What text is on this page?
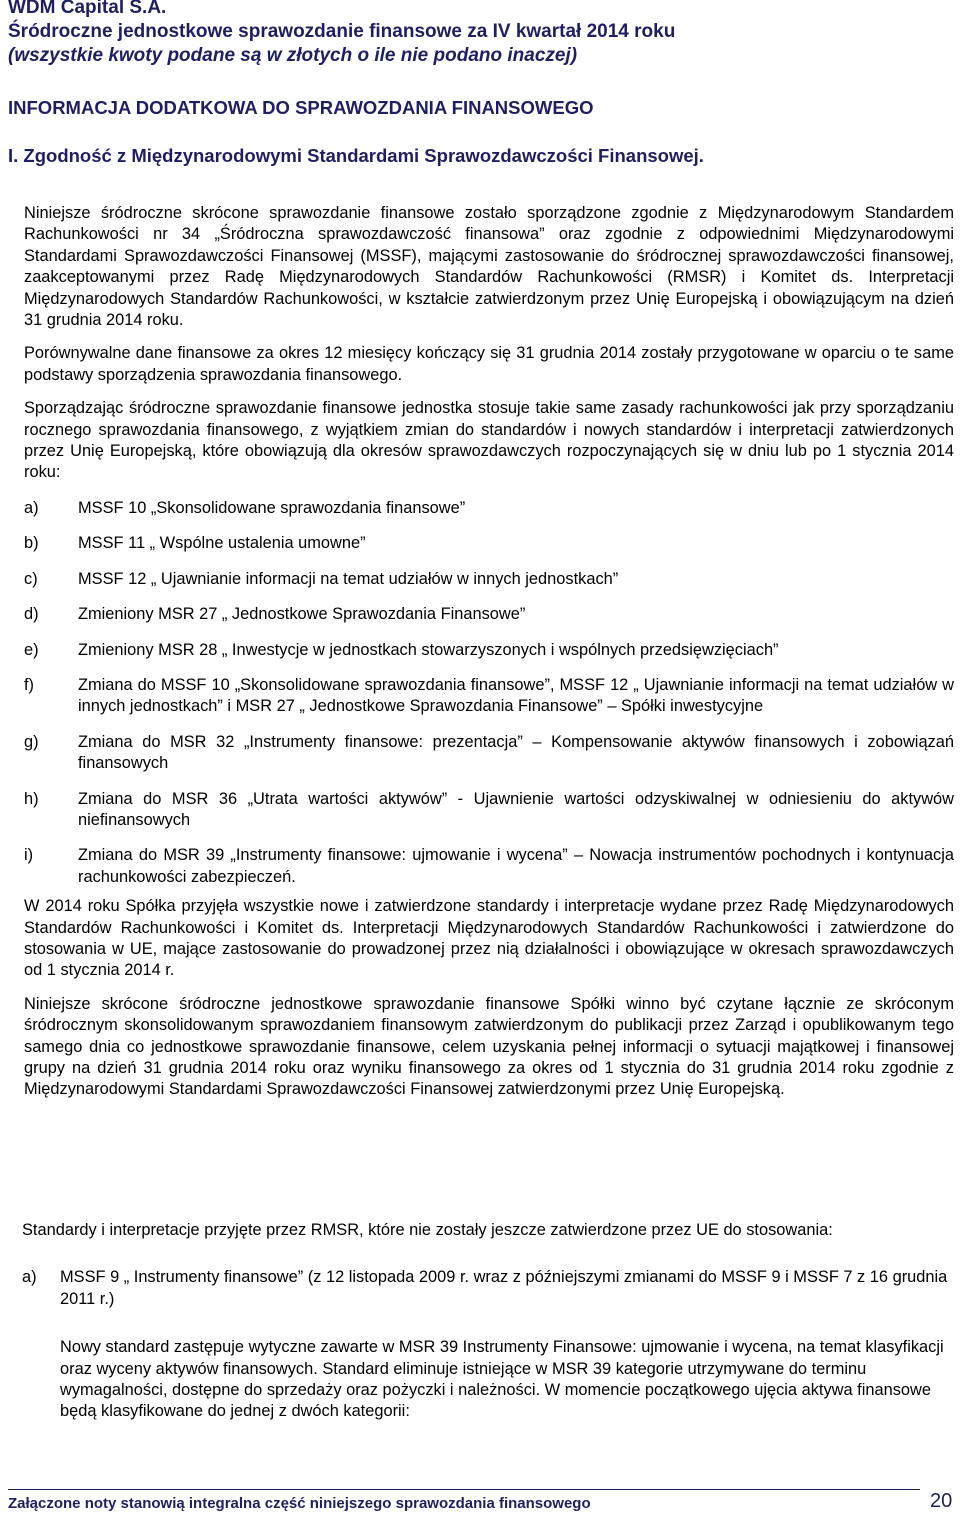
WDM Capital S.A.
Śródroczne jednostkowe sprawozdanie finansowe za IV kwartał 2014 roku
(wszystkie kwoty podane są w złotych o ile nie podano inaczej)
INFORMACJA DODATKOWA DO SPRAWOZDANIA FINANSOWEGO
I. Zgodność z Międzynarodowymi Standardami Sprawozdawczości Finansowej.

Niniejsze śródroczne skrócone sprawozdanie finansowe zostało sporządzone zgodnie z Międzynarodowym Standardem Rachunkowości nr 34 „Śródroczna sprawozdawczość finansowa” oraz zgodnie z odpowiednimi Międzynarodowymi Standardami Sprawozdawczości Finansowej (MSSF), mającymi zastosowanie do śródrocznej sprawozdawczości finansowej, zaakceptowanymi przez Radę Międzynarodowych Standardów Rachunkowości (RMSR) i Komitet ds. Interpretacji Międzynarodowych Standardów Rachunkowości, w kształcie zatwierdzonym przez Unię Europejską i obowiązującym na dzień 31 grudnia 2014 roku.

Porównywalne dane finansowe za okres 12 miesięcy kończący się 31 grudnia 2014 zostały przygotowane w oparciu o te same podstawy sporządzenia sprawozdania finansowego.

Sporządzając śródroczne sprawozdanie finansowe jednostka stosuje takie same zasady rachunkowości jak przy sporządzaniu rocznego sprawozdania finansowego, z wyjątkiem zmian do standardów i nowych standardów i interpretacji zatwierdzonych przez Unię Europejską, które obowiązują dla okresów sprawozdawczych rozpoczynających się w dniu lub po 1 stycznia 2014 roku:

a)	MSSF 10 „Skonsolidowane sprawozdania finansowe”
b)	MSSF 11 „ Wspólne ustalenia umowne”
c)	MSSF 12 „ Ujawnianie informacji na temat udziałów w innych jednostkach”
d)	Zmieniony MSR 27 „ Jednostkowe Sprawozdania Finansowe”
e)	Zmieniony MSR 28 „ Inwestycje w jednostkach stowarzyszonych i wspólnych przedsięwzięciach”
f)	Zmiana do MSSF 10 „Skonsolidowane sprawozdania finansowe”, MSSF 12 „ Ujawnianie informacji na temat udziałów w innych jednostkach” i MSR 27 „ Jednostkowe Sprawozdania Finansowe” – Spółki inwestycyjne
g)	Zmiana do MSR 32 „Instrumenty finansowe: prezentacja” – Kompensowanie aktywów finansowych i zobowiązań finansowych
h)	Zmiana do MSR 36 „Utrata wartości aktywów” - Ujawnienie wartości odzyskiwalnej w odniesieniu do aktywów niefinansowych
i)	Zmiana do MSR 39 „Instrumenty finansowe: ujmowanie i wycena” – Nowacja instrumentów pochodnych i kontynuacja rachunkowości zabezpieczeń.

W 2014 roku Spółka przyjęła wszystkie nowe i zatwierdzone standardy i interpretacje wydane przez Radę Międzynarodowych Standardów Rachunkowości i Komitet ds. Interpretacji Międzynarodowych Standardów Rachunkowości i zatwierdzone do stosowania w UE, mające zastosowanie do prowadzonej przez nią działalności i obowiązujące w okresach sprawozdawczych od 1 stycznia 2014 r.

Niniejsze skrócone śródroczne jednostkowe sprawozdanie finansowe Spółki winno być czytane łącznie ze skróconym śródrocznym skonsolidowanym sprawozdaniem finansowym zatwierdzonym do publikacji przez Zarząd i opublikowanym tego samego dnia co jednostkowe sprawozdanie finansowe, celem uzyskania pełnej informacji o sytuacji majątkowej i finansowej grupy na dzień 31 grudnia 2014 roku oraz wyniku finansowego za okres od 1 stycznia do 31 grudnia 2014 roku zgodnie z Międzynarodowymi Standardami Sprawozdawczości Finansowej zatwierdzonymi przez Unię Europejską.

Standardy i interpretacje przyjęte przez RMSR, które nie zostały jeszcze zatwierdzone przez UE do stosowania:

a)	MSSF 9 „ Instrumenty finansowe” (z 12 listopada 2009 r. wraz z późniejszymi zmianami do MSSF 9 i MSSF 7 z 16 grudnia 2011 r.)

Nowy standard zastępuje wytyczne zawarte w MSR 39 Instrumenty Finansowe: ujmowanie i wycena, na temat klasyfikacji oraz wyceny aktywów finansowych. Standard eliminuje istniejące w MSR 39 kategorie utrzymywane do terminu wymagalności, dostępne do sprzedaży oraz pożyczki i należności. W momencie początkowego ujęcia aktywa finansowe będą klasyfikowane do jednej z dwóch kategorii:

Załączone noty stanowią integralna część niniejszego sprawozdania finansowego	20
